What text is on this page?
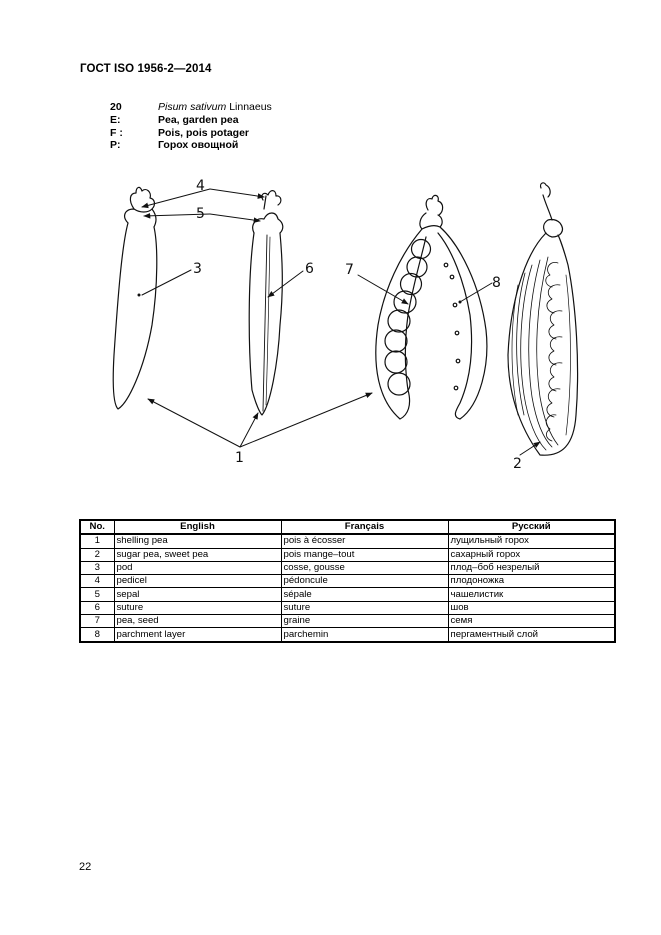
ГОСТ ISO 1956-2—2014
20	Pisum sativum Linnaeus
E:	Pea, garden pea
F :	Pois, pois potager
P:	Горох овощной
4
5
3	6 7
8
1	2
No.	English	Français	Русский
1	shelling pea	pois à écosser	лущильный горох
2	sugar pea, sweet pea	pois mange–tout	сахарный горох
3	pod	cosse, gousse	плод–боб незрелый
4	pedicel	pédoncule	плодоножка
5	sepal	sépale	чашелистик
6	suture	suture	шов
7	pea, seed	graine	семя
8	parchment layer	parchemin	пергаментный слой
22
